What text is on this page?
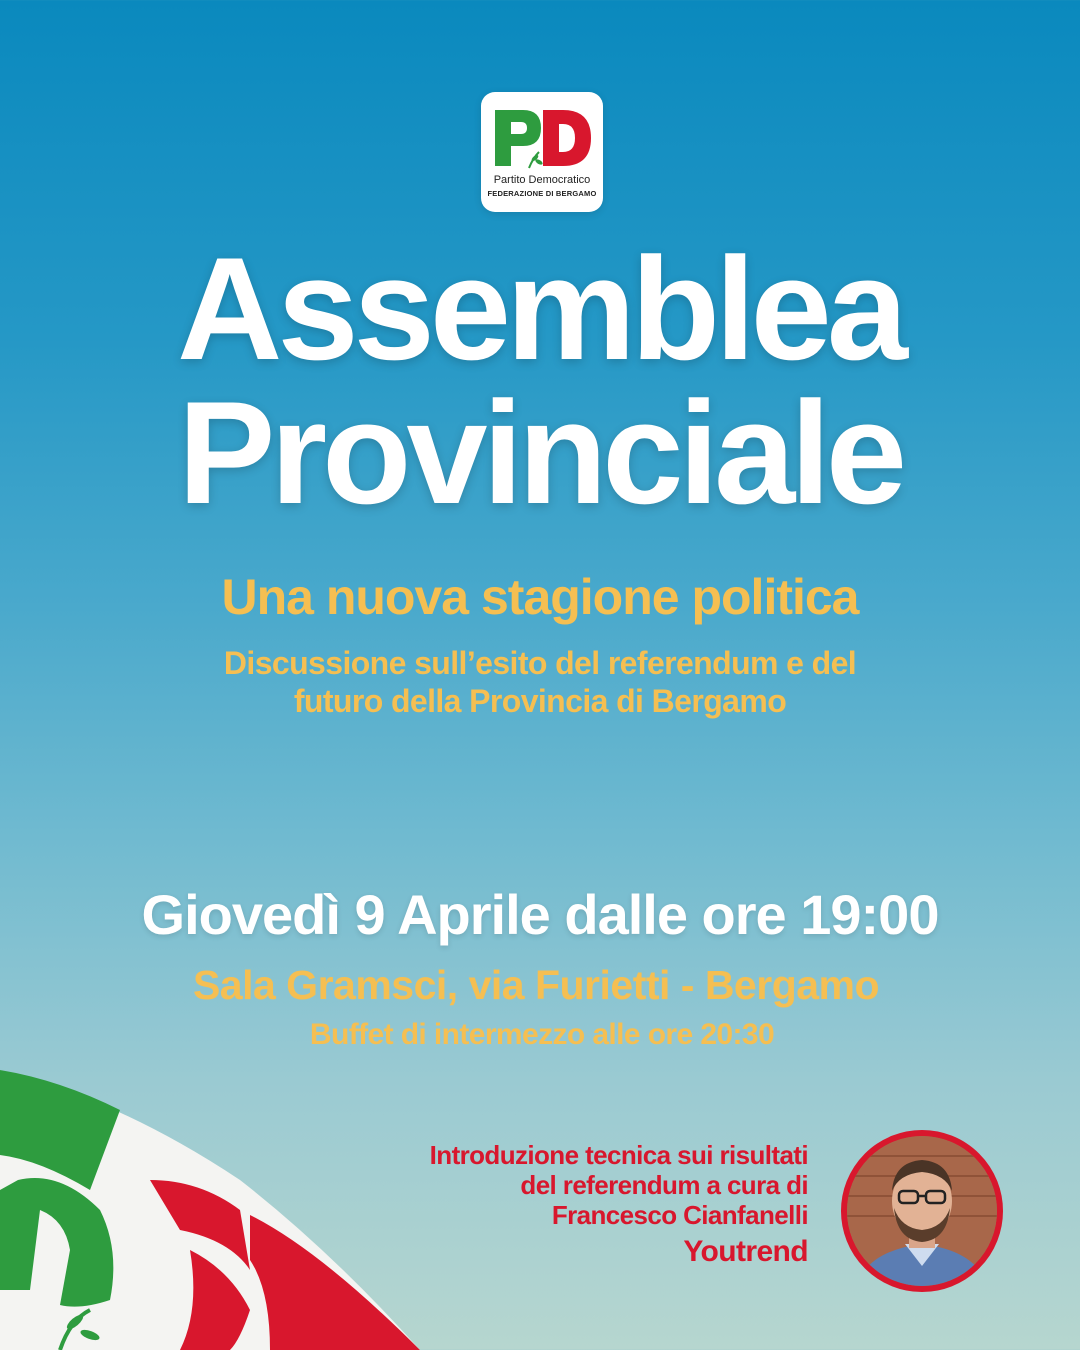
Partito Democratico
FEDERAZIONE DI BERGAMO
Assemblea
Provinciale
Una nuova stagione politica
Discussione sull’esito del referendum e del
futuro della Provincia di Bergamo
Giovedì 9 Aprile dalle ore 19:00
Sala Gramsci, via Furietti - Bergamo
Buffet di intermezzo alle ore 20:30
Introduzione tecnica sui risultati
del referendum a cura di
Francesco Cianfanelli
Youtrend
